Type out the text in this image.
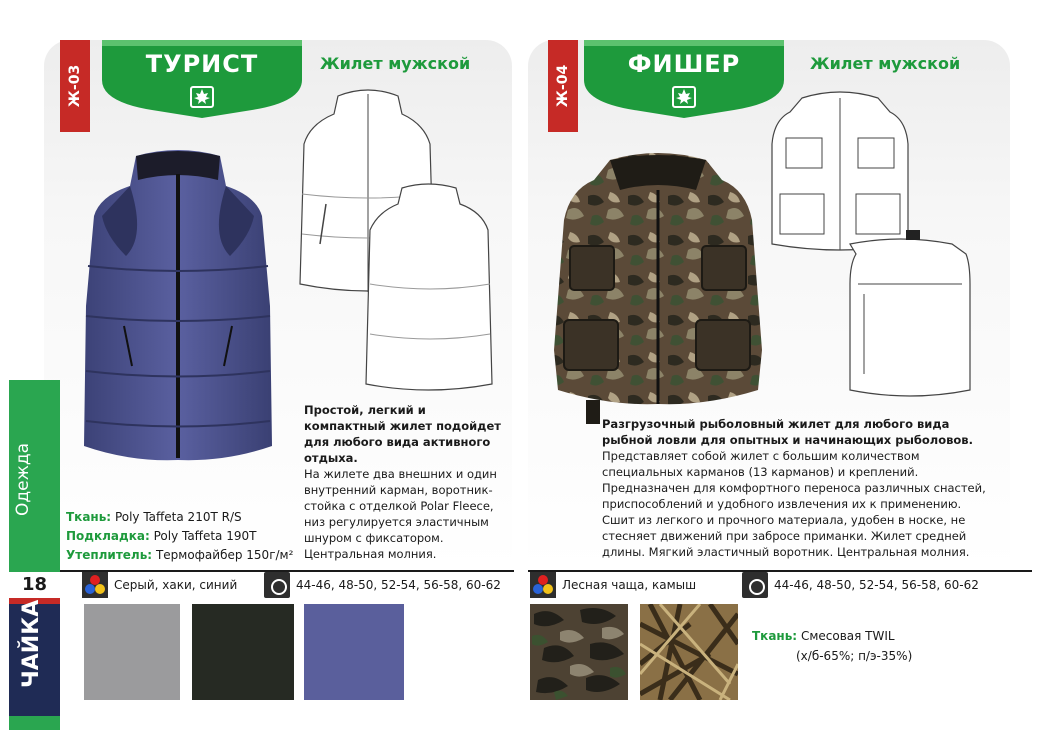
Ж-03	Ж-04
ТУРИСТ	ФИШЕР
Жилет мужской	Жилет мужской
Простой, легкий и компактный жилет подойдет для любого вида активного отдыха.
На жилете два внешних и один внутренний карман, воротник-стойка с отделкой Polar Fleece, низ регулируется эластичным шнуром с фиксатором. Центральная молния.
Разгрузочный рыболовный жилет для любого вида рыбной ловли для опытных и начинающих рыболовов.
Представляет собой жилет с большим количеством специальных карманов (13 карманов) и креплений. Предназначен для комфортного переноса различных снастей, приспособлений и удобного извлечения их к применению. Сшит из легкого и прочного материала, удобен в носке, не стесняет движений при забросе приманки. Жилет средней длины. Мягкий эластичный воротник. Центральная молния.
Ткань: Poly Taffeta 210T R/S
Подкладка: Poly Taffeta 190T
Утеплитель: Термофайбер 150г/м²
Одежда
18
ЧАЙКА
Серый, хаки, синий	44-46, 48-50, 52-54, 56-58, 60-62	Лесная чаща, камыш	44-46, 48-50, 52-54, 56-58, 60-62
Ткань: Смесовая TWIL
(х/б-65%; п/э-35%)
